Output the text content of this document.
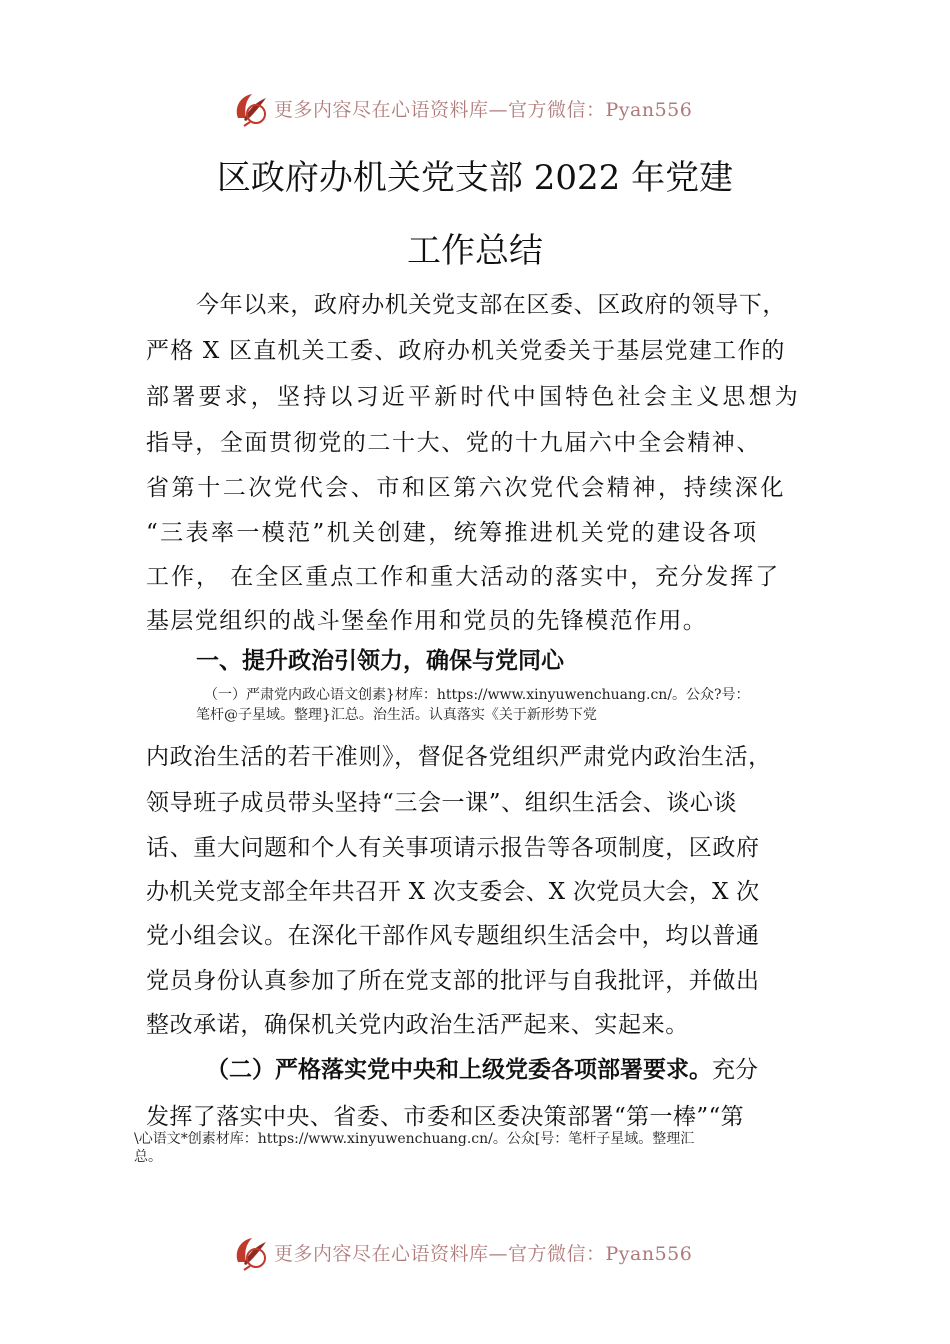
更多内容尽在心语资料库—官方微信：Pyan556
区政府办机关党支部 2022 年党建
工作总结
今年以来，政府办机关党支部在区委、区政府的领导下，
严格 X 区直机关工委、政府办机关党委关于基层党建工作的
部署要求，坚持以习近平新时代中国特色社会主义思想为
指导，全面贯彻党的二十大、党的十九届六中全会精神、
省第十二次党代会、市和区第六次党代会精神，持续深化
“三表率一模范”机关创建，统筹推进机关党的建设各项
工作， 在全区重点工作和重大活动的落实中，充分发挥了
基层党组织的战斗堡垒作用和党员的先锋模范作用。
一、提升政治引领力，确保与党同心
（一）严肃党内政心语文创素}材库：https://www.xinyuwenchuang.cn/。公众?号：
笔杆@子星域。整理}汇总。治生活。认真落实《关于新形势下党
内政治生活的若干准则》，督促各党组织严肃党内政治生活，
领导班子成员带头坚持“三会一课”、组织生活会、谈心谈
话、重大问题和个人有关事项请示报告等各项制度，区政府
办机关党支部全年共召开 X 次支委会、X 次党员大会，X 次
党小组会议。在深化干部作风专题组织生活会中，均以普通
党员身份认真参加了所在党支部的批评与自我批评，并做出
整改承诺，确保机关党内政治生活严起来、实起来。
（二）严格落实党中央和上级党委各项部署要求。充分
发挥了落实中央、省委、市委和区委决策部署“第一棒”“第
\心语文*创素材库：https://www.xinyuwenchuang.cn/。公众[号：笔杆子星域。整理汇
总。
更多内容尽在心语资料库—官方微信：Pyan556
